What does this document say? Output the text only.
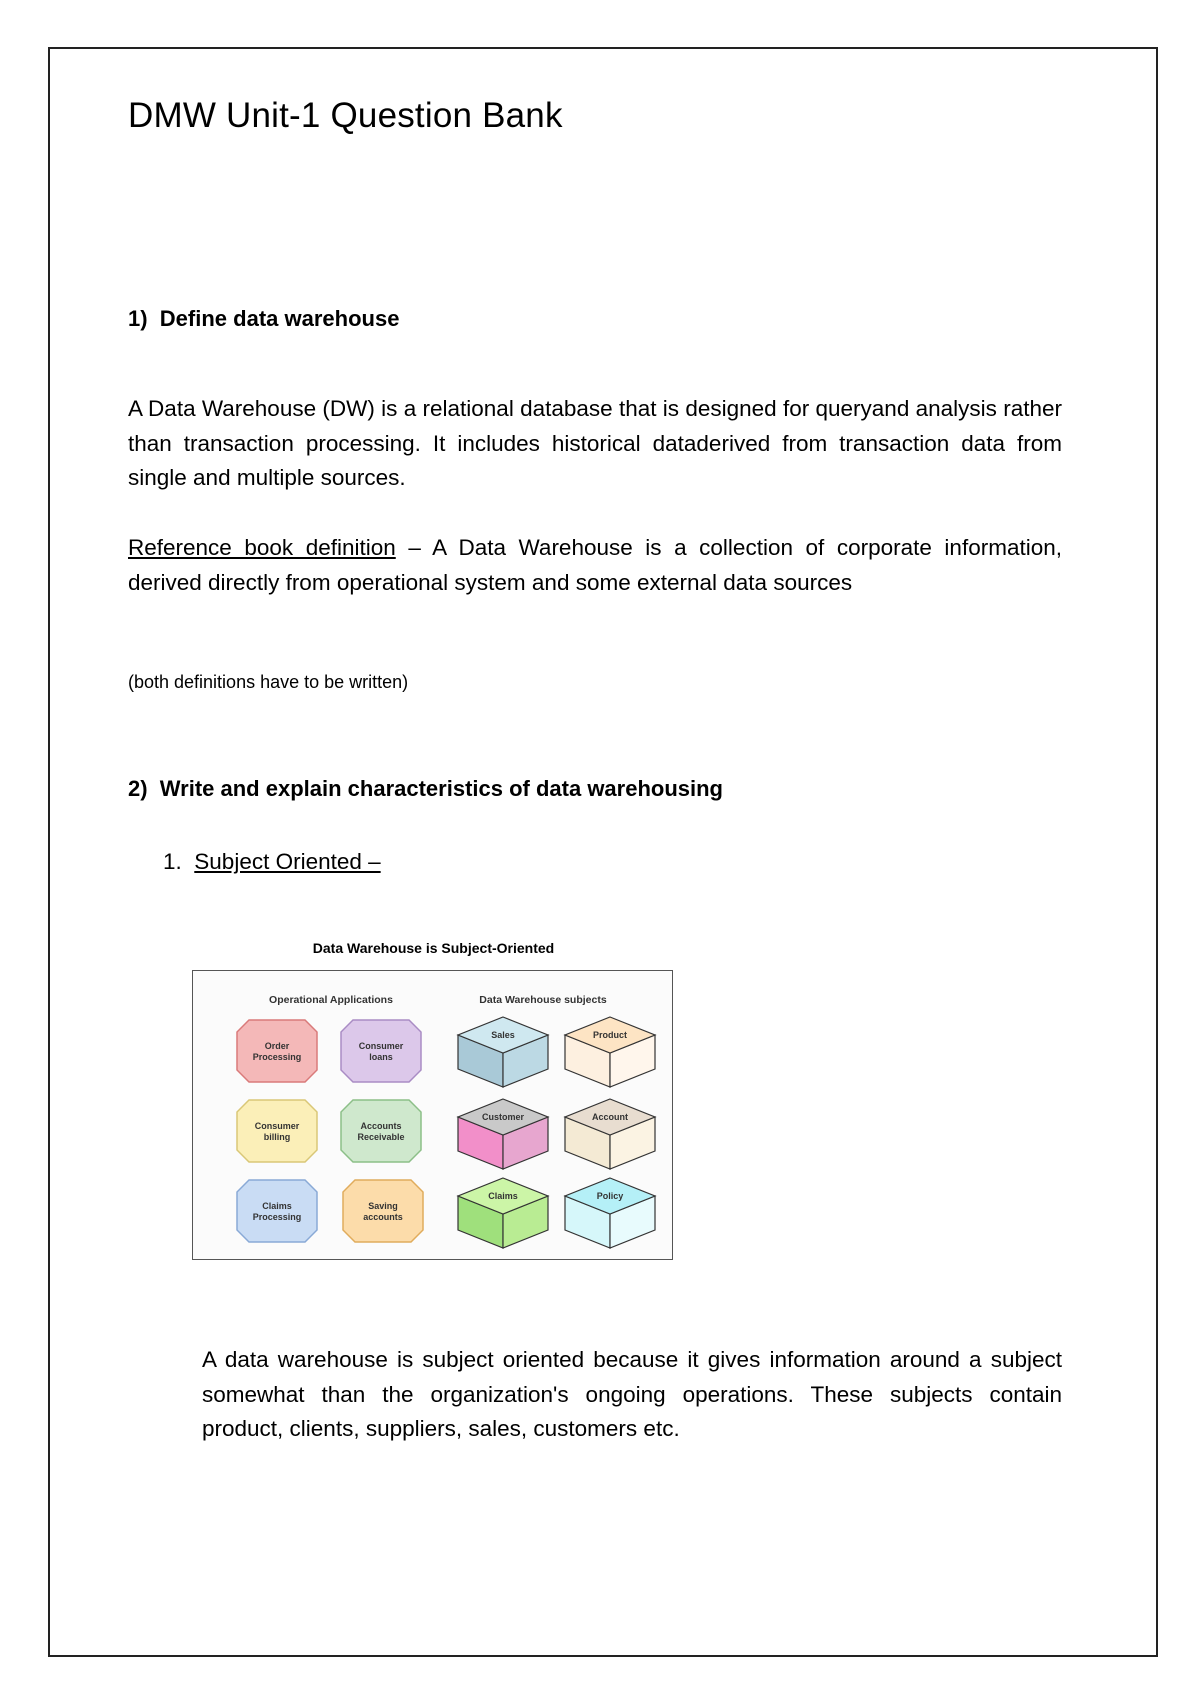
DMW Unit-1 Question Bank
1) Define data warehouse
A Data Warehouse (DW) is a relational database that is designed for queryand analysis rather than transaction processing. It includes historical dataderived from transaction data from single and multiple sources.
Reference book definition – A Data Warehouse is a collection of corporate information, derived directly from operational system and some external data sources
(both definitions have to be written)
2) Write and explain characteristics of data warehousing
1. Subject Oriented –
Data Warehouse is Subject-Oriented
Operational Applications	Data Warehouse subjects
Order
Processing
Consumer
loans
Consumer
billing
Accounts
Receivable
Claims
Processing
Saving
accounts
Sales	Product
Customer	Account
Claims	Policy
A data warehouse is subject oriented because it gives information around a subject somewhat than the organization's ongoing operations. These subjects contain product, clients, suppliers, sales, customers etc.
